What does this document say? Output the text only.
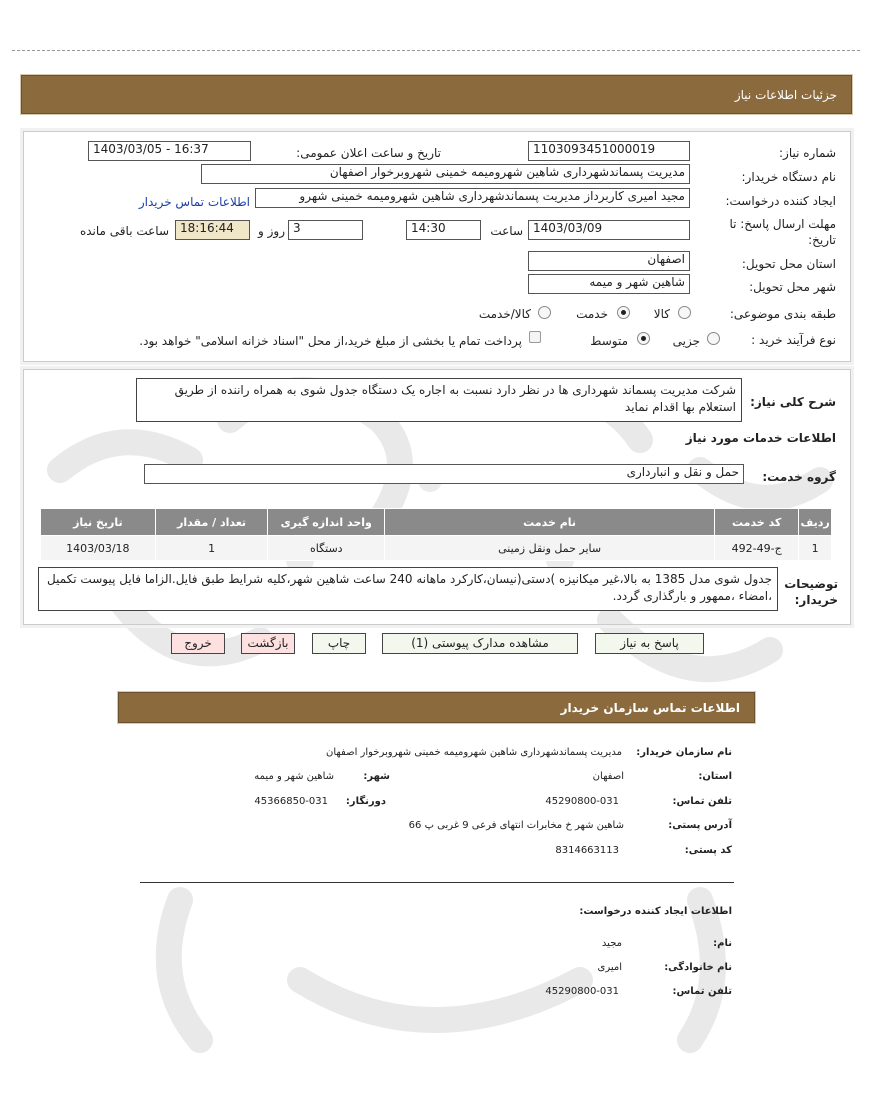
جزئیات اطلاعات نیاز
شماره نیاز:
1103093451000019
تاریخ و ساعت اعلان عمومی:
1403/03/05 - 16:37
نام دستگاه خریدار:
مدیریت پسماندشهرداری شاهین شهرومیمه خمینی شهروبرخوار اصفهان
ایجاد کننده درخواست:
مجید امیری کاربرداز مدیریت پسماندشهرداری شاهین شهرومیمه خمینی شهرو
اطلاعات تماس خریدار
مهلت ارسال پاسخ: تا تاریخ:
1403/03/09
ساعت
14:30
3
روز و
18:16:44
ساعت باقی مانده
استان محل تحویل:
اصفهان
شهر محل تحویل:
شاهین شهر و میمه
طبقه بندی موضوعی:
کالا
خدمت
کالا/خدمت
نوع فرآیند خرید :
جزیی
متوسط
پرداخت تمام یا بخشی از مبلغ خرید،از محل "اسناد خزانه اسلامی" خواهد بود.
شرح کلی نیاز:
شرکت مدیریت پسماند شهرداری ها در نظر دارد نسبت به اجاره یک دستگاه جدول شوی به همراه راننده از طریق استعلام بها اقدام نماید
اطلاعات خدمات مورد نیاز
گروه خدمت:
حمل و نقل و انبارداری
ردیف	کد خدمت	نام خدمت	واحد اندازه گیری	تعداد / مقدار	تاریخ نیاز
1	ج-49-492	سایر حمل ونقل زمینی	دستگاه	1	1403/03/18
توضیحات خریدار:
جدول شوی مدل 1385 به بالا،غیر میکانیزه )دستی(نیسان،کارکرد ماهانه 240 ساعت شاهین شهر،کلیه شرایط طبق فایل.الزاما فایل پیوست تکمیل ،امضاء ،ممهور و بارگذاری گردد.
پاسخ به نیاز
مشاهده مدارک پیوستی (1)
چاپ
بازگشت
خروج
اطلاعات تماس سازمان خریدار
نام سازمان خریدار:
مدیریت پسماندشهرداری شاهین شهرومیمه خمینی شهروبرخوار اصفهان
استان:
اصفهان
شهر:
شاهین شهر و میمه
تلفن تماس:
45290800-031
دورنگار:
45366850-031
آدرس پستی:
شاهین شهر خ مخابرات انتهای فرعی 9 غربی پ 66
کد پستی:
8314663113
اطلاعات ایجاد کننده درخواست:
نام:
مجید
نام خانوادگی:
امیری
تلفن تماس:
45290800-031
